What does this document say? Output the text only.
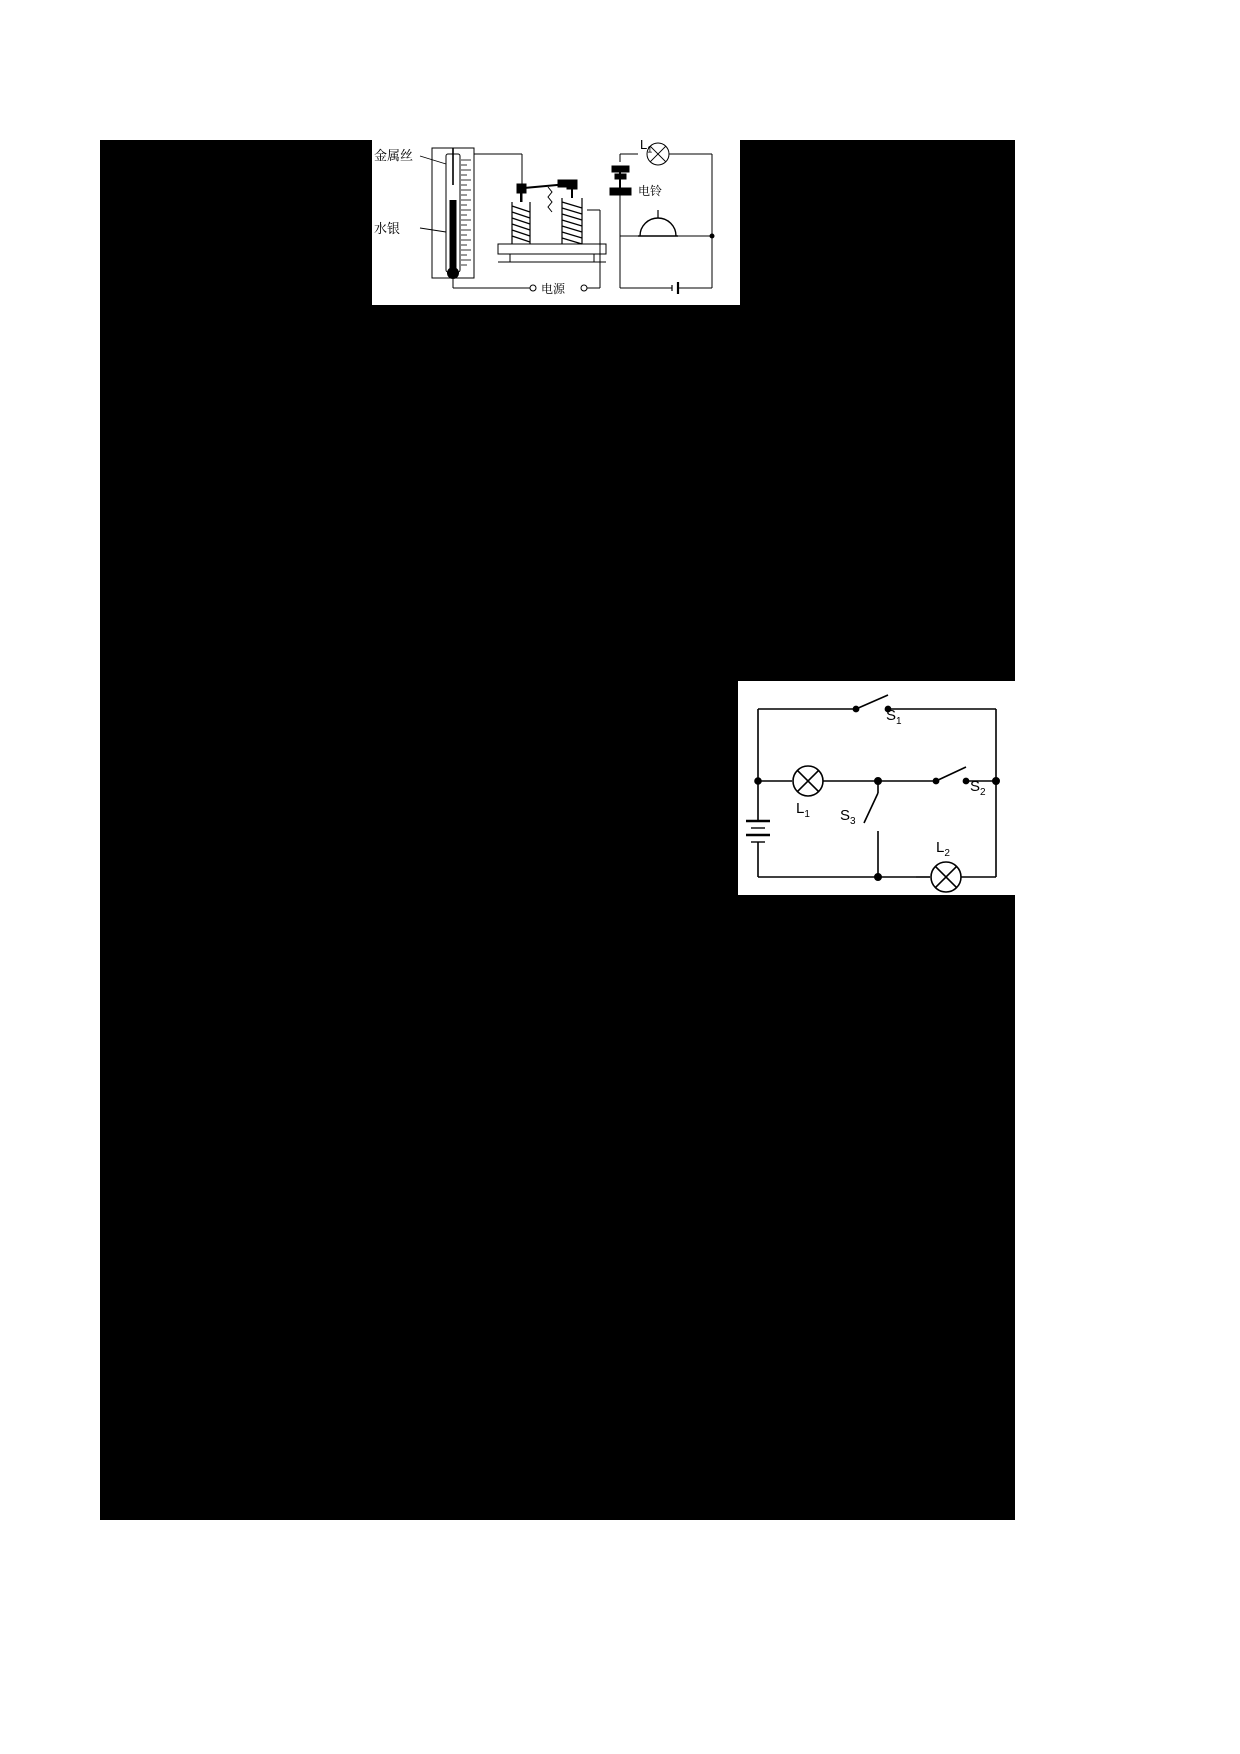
金属丝
水银
电源
电铃
$L_1$
$S_1$
$S_2$
$S_3$
$L_1$
$L_2$
